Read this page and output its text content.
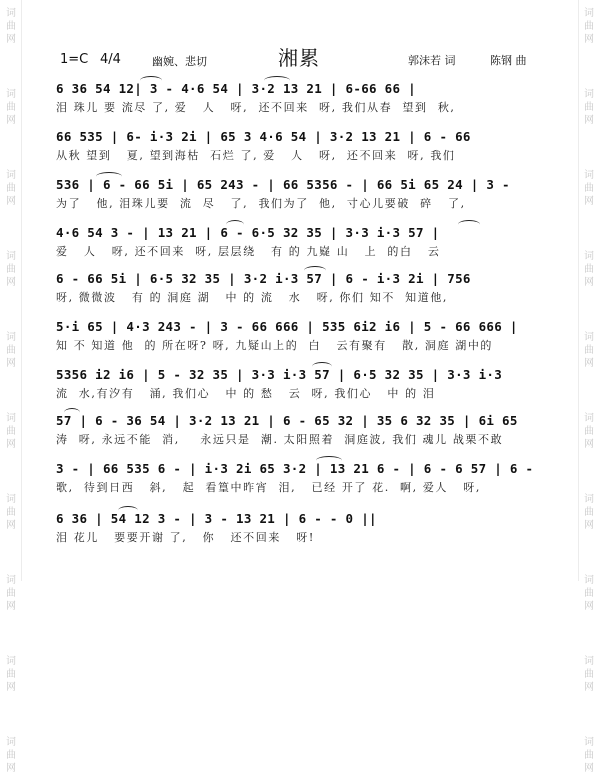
词
曲
网
词
曲
网
词
曲
网
词
曲
网
词
曲
网
词
曲
网
词
曲
网
词
曲
网
词
曲
网
词
曲
网
词
曲
网
词
曲
网
词
曲
网
词
曲
网
词
曲
网
词
曲
网
词
曲
网
词
曲
网
词
曲
网
词
曲
网
1=C 4/4	幽婉、悲切	湘累	郭沫若 词	陈钢 曲
6 36 54 12| 3 - 4·6 54 | 3·2 13 21 | 6-66 66 |
泪 珠儿 要 流尽 了, 爱   人   呀,  还不回来  呀, 我们从春  望到  秋,
66 535 | 6- i·3 2i | 65 3 4·6 54 | 3·2 13 21 | 6 - 66
从秋 望到   夏, 望到海枯  石烂 了, 爱   人   呀,  还不回来  呀, 我们
536 | 6 - 66 5i | 65 243 - | 66 5356 - | 66 5i 65 24 | 3 -
为了   他, 泪珠儿要  流  尽   了,  我们为了  他,  寸心儿要破  碎   了,
4·6 54 3 - | 13 21 | 6 - 6·5 32 35 | 3·3 i·3 57 |
爱   人   呀, 还不回来  呀, 层层绕   有 的 九嶷 山   上  的白   云
6 - 66 5i | 6·5 32 35 | 3·2 i·3 57 | 6 - i·3 2i | 756
呀, 微微波   有 的 洞庭 湖   中 的 流   水   呀, 你们 知不  知道他,
5·i 65 | 4·3 243 - | 3 - 66 666 | 535 6i2 i6 | 5 - 66 666 |
知 不 知道 他  的 所在呀? 呀, 九疑山上的  白   云有聚有   散, 洞庭 湖中的
5356 i2 i6 | 5 - 32 35 | 3·3 i·3 57 | 6·5 32 35 | 3·3 i·3
流  水,有汐有   涌, 我们心   中 的 愁   云  呀, 我们心   中 的 泪
57 | 6 - 36 54 | 3·2 13 21 | 6 - 65 32 | 35 6 32 35 | 6i 65
涛  呀, 永远不能  消,    永远只是  潮. 太阳照着  洞庭波, 我们 魂儿 战栗不敢
3 - | 66 535 6 - | i·3 2i 65 3·2 | 13 21 6 - | 6 - 6 57 | 6 -
歌,  待到日西   斜,   起  看篁中昨宵  泪,   已经 开了 花.  啊, 爱人   呀,
6 36 | 54 12 3 - | 3 - 13 21 | 6 - - 0 ||
泪 花儿   要要开谢 了,   你   还不回来   呀!
